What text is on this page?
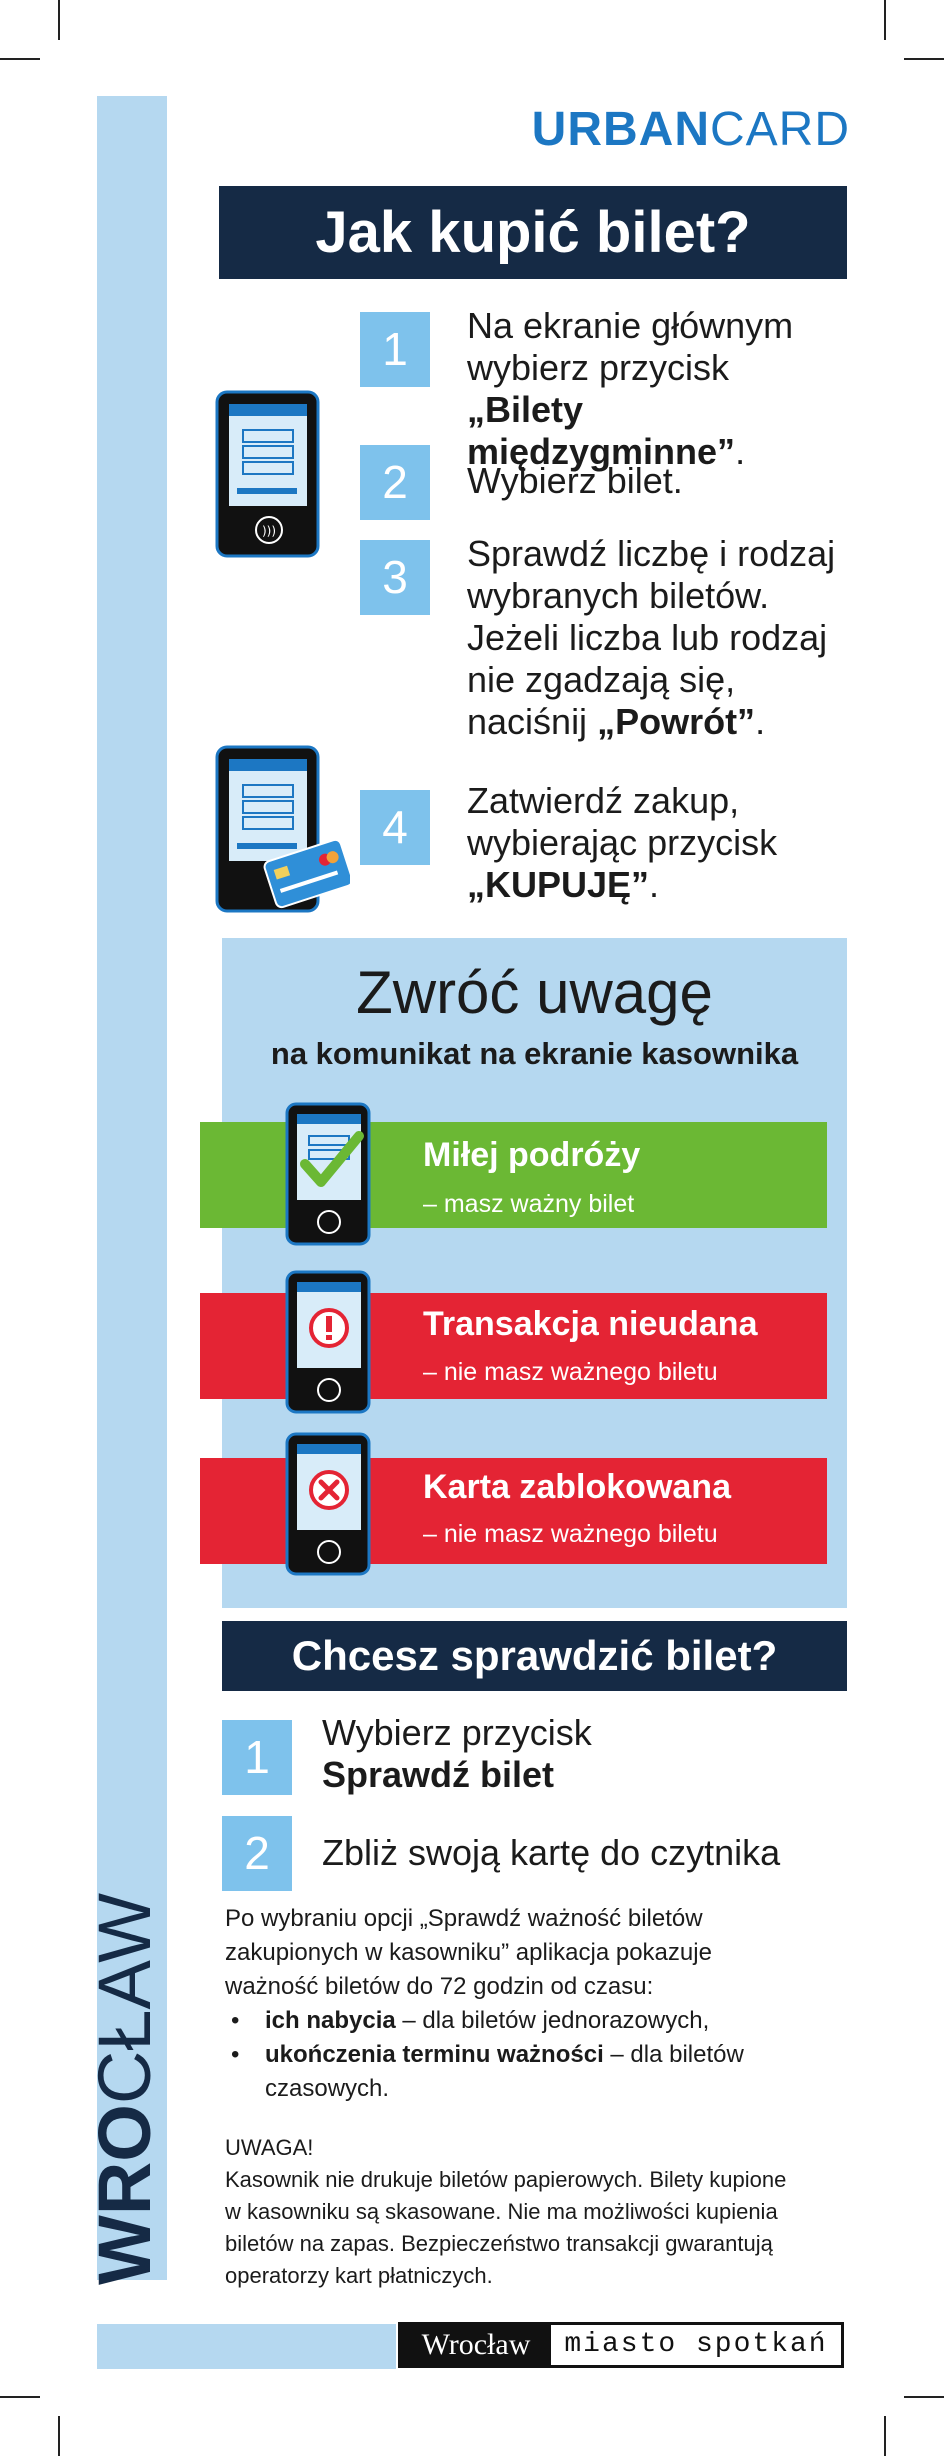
WROCŁAW
URBANCARD
Jak kupić bilet?
)))
1	Na ekranie głównym
wybierz przycisk
„Bilety międzygminne”.
2	Wybierz bilet.
3	Sprawdź liczbę i rodzaj
wybranych biletów.
Jeżeli liczba lub rodzaj
nie zgadzają się,
naciśnij „Powrót”.
4
Zatwierdź zakup,
wybierając przycisk
„KUPUJĘ”.
Zwróć uwagę
na komunikat na ekranie kasownika
Miłej podróży
– masz ważny bilet
Transakcja nieudana
– nie masz ważnego biletu
Karta zablokowana
– nie masz ważnego biletu
Chcesz sprawdzić bilet?
1	Wybierz przycisk
Sprawdź bilet
2	Zbliż swoją kartę do czytnika
Po wybraniu opcji „Sprawdź ważność biletów
zakupionych w kasowniku” aplikacja pokazuje
ważność biletów do 72 godzin od czasu:
• ich nabycia – dla biletów jednorazowych,
• ukończenia terminu ważności – dla biletów
czasowych.
UWAGA!
Kasownik nie drukuje biletów papierowych. Bilety kupione
w kasowniku są skasowane. Nie ma możliwości kupienia
biletów na zapas. Bezpieczeństwo transakcji gwarantują
operatorzy kart płatniczych.
Wrocław	miasto spotkań
